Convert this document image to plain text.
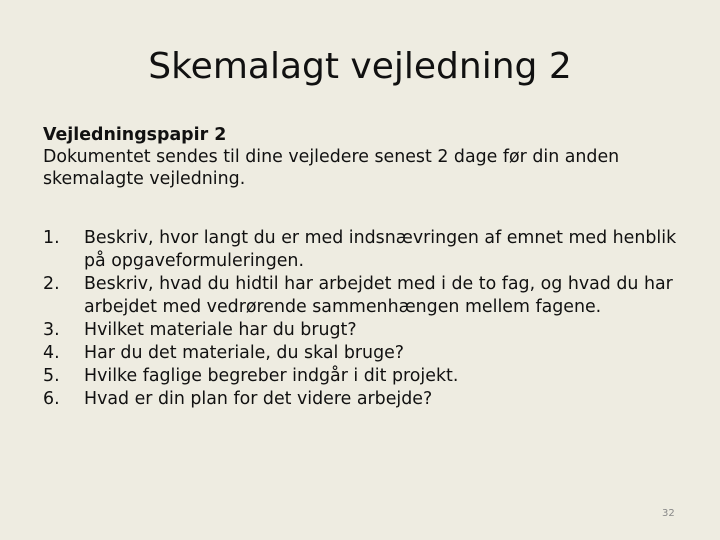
Skemalagt vejledning 2
Vejledningspapir 2
Dokumentet sendes til dine vejledere senest 2 dage før din anden skemalagte vejledning.
1. Beskriv, hvor langt du er med indsnævringen af emnet med henblik på opgaveformuleringen.
2. Beskriv, hvad du hidtil har arbejdet med i de to fag, og hvad du har arbejdet med vedrørende sammenhængen mellem fagene.
3. Hvilket materiale har du brugt?
4. Har du det materiale, du skal bruge?
5. Hvilke faglige begreber indgår i dit projekt.
6. Hvad er din plan for det videre arbejde?
32
